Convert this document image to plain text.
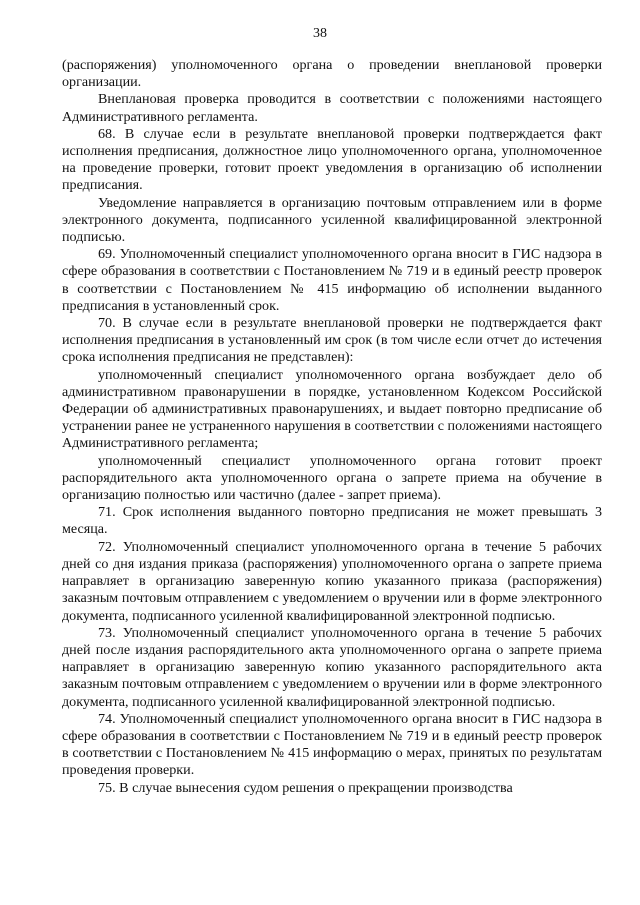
38

(распоряжения) уполномоченного органа о проведении внеплановой проверки организации.

Внеплановая проверка проводится в соответствии с положениями настоящего Административного регламента.

68. В случае если в результате внеплановой проверки подтверждается факт исполнения предписания, должностное лицо уполномоченного органа, уполномоченное на проведение проверки, готовит проект уведомления в организацию об исполнении предписания.

Уведомление направляется в организацию почтовым отправлением или в форме электронного документа, подписанного усиленной квалифицированной электронной подписью.

69. Уполномоченный специалист уполномоченного органа вносит в ГИС надзора в сфере образования в соответствии с Постановлением № 719 и в единый реестр проверок в соответствии с Постановлением № 415 информацию об исполнении выданного предписания в установленный срок.

70. В случае если в результате внеплановой проверки не подтверждается факт исполнения предписания в установленный им срок (в том числе если отчет до истечения срока исполнения предписания не представлен):

уполномоченный специалист уполномоченного органа возбуждает дело об административном правонарушении в порядке, установленном Кодексом Российской Федерации об административных правонарушениях, и выдает повторно предписание об устранении ранее не устраненного нарушения в соответствии с положениями настоящего Административного регламента;

уполномоченный специалист уполномоченного органа готовит проект распорядительного акта уполномоченного органа о запрете приема на обучение в организацию полностью или частично (далее - запрет приема).

71. Срок исполнения выданного повторно предписания не может превышать 3 месяца.

72. Уполномоченный специалист уполномоченного органа в течение 5 рабочих дней со дня издания приказа (распоряжения) уполномоченного органа о запрете приема направляет в организацию заверенную копию указанного приказа (распоряжения) заказным почтовым отправлением с уведомлением о вручении или в форме электронного документа, подписанного усиленной квалифицированной электронной подписью.

73. Уполномоченный специалист уполномоченного органа в течение 5 рабочих дней после издания распорядительного акта уполномоченного органа о запрете приема направляет в организацию заверенную копию указанного распорядительного акта заказным почтовым отправлением с уведомлением о вручении или в форме электронного документа, подписанного усиленной квалифицированной электронной подписью.

74. Уполномоченный специалист уполномоченного органа вносит в ГИС надзора в сфере образования в соответствии с Постановлением № 719 и в единый реестр проверок в соответствии с Постановлением № 415 информацию о мерах, принятых по результатам проведения проверки.

75. В случае вынесения судом решения о прекращении производства
